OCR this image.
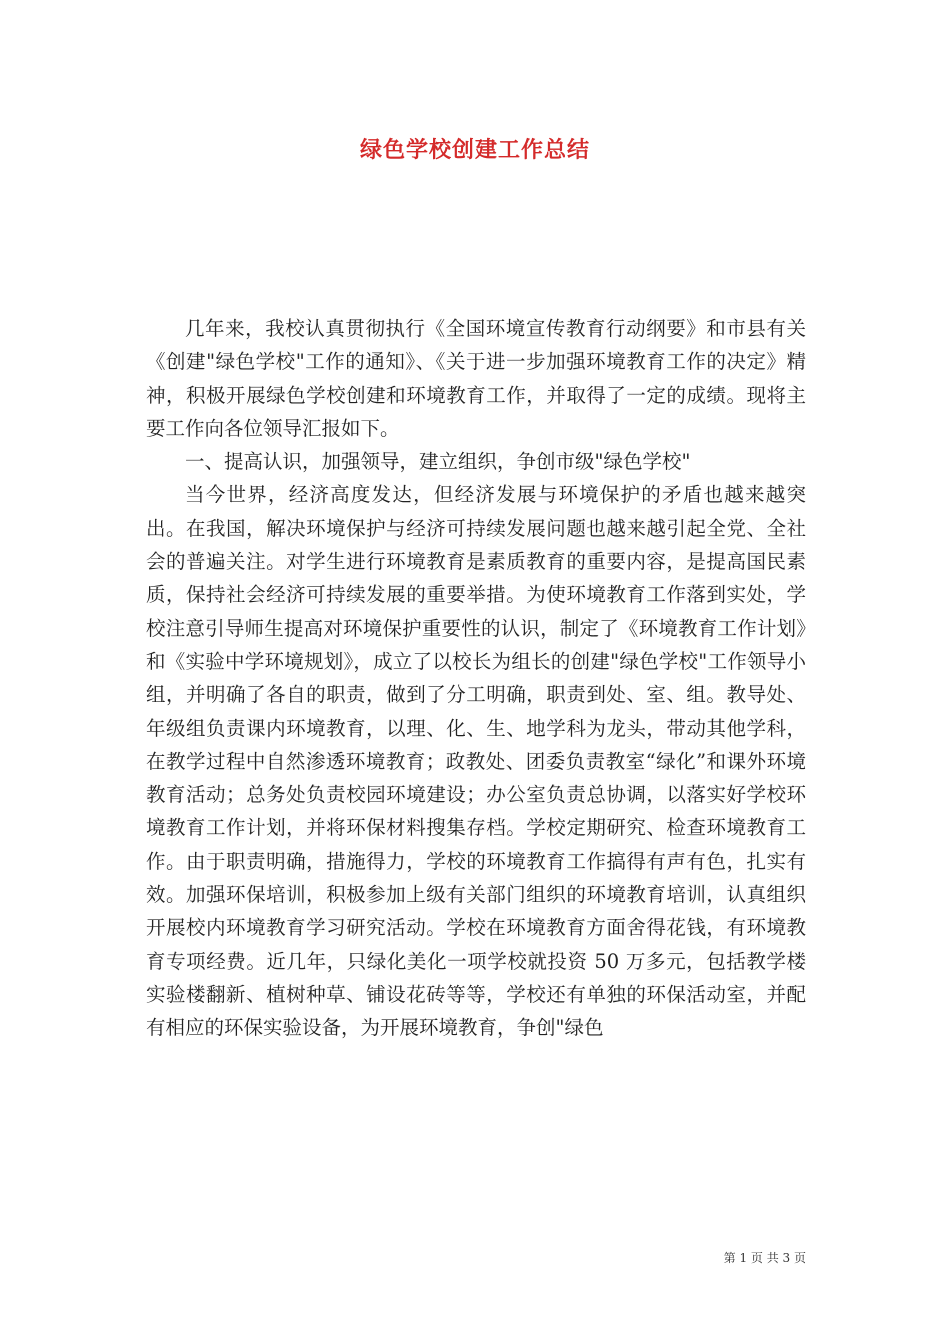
绿色学校创建工作总结

几年来，我校认真贯彻执行《全国环境宣传教育行动纲要》和市县有关《创建"绿色学校"工作的通知》、《关于进一步加强环境教育工作的决定》精神，积极开展绿色学校创建和环境教育工作，并取得了一定的成绩。现将主要工作向各位领导汇报如下。

一、提高认识，加强领导，建立组织，争创市级"绿色学校"

当今世界，经济高度发达，但经济发展与环境保护的矛盾也越来越突出。在我国，解决环境保护与经济可持续发展问题也越来越引起全党、全社会的普遍关注。对学生进行环境教育是素质教育的重要内容，是提高国民素质，保持社会经济可持续发展的重要举措。为使环境教育工作落到实处，学校注意引导师生提高对环境保护重要性的认识，制定了《环境教育工作计划》和《实验中学环境规划》，成立了以校长为组长的创建"绿色学校"工作领导小组，并明确了各自的职责，做到了分工明确，职责到处、室、组。教导处、年级组负责课内环境教育，以理、化、生、地学科为龙头，带动其他学科，在教学过程中自然渗透环境教育；政教处、团委负责教室“绿化”和课外环境教育活动；总务处负责校园环境建设；办公室负责总协调，以落实好学校环境教育工作计划，并将环保材料搜集存档。学校定期研究、检查环境教育工作。由于职责明确，措施得力，学校的环境教育工作搞得有声有色，扎实有效。加强环保培训，积极参加上级有关部门组织的环境教育培训，认真组织开展校内环境教育学习研究活动。学校在环境教育方面舍得花钱，有环境教育专项经费。近几年，只绿化美化一项学校就投资 50 万多元，包括教学楼实验楼翻新、植树种草、铺设花砖等等，学校还有单独的环保活动室，并配有相应的环保实验设备，为开展环境教育，争创"绿色

第 1 页 共 3 页
